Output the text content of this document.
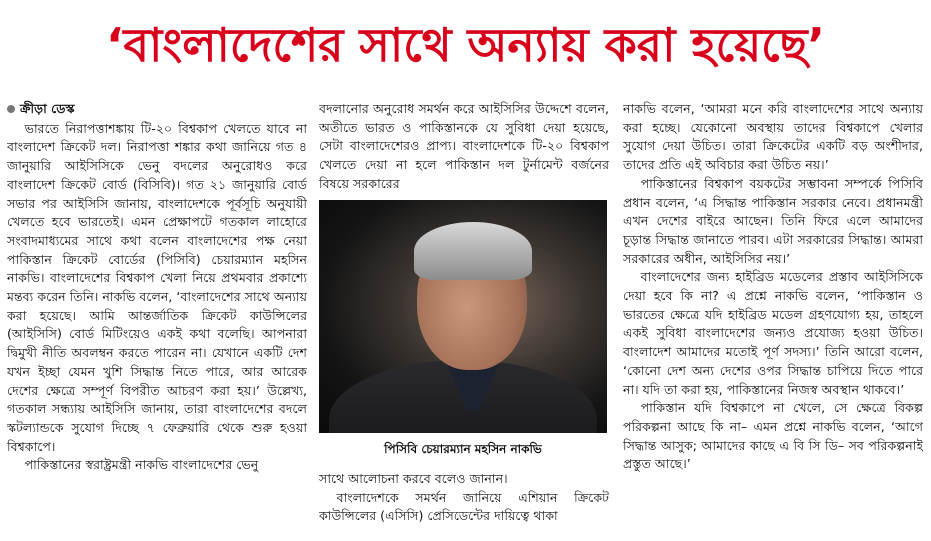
‘বাংলাদেশের সাথে অন্যায় করা হয়েছে’
ক্রীড়া ডেস্ক

ভারতে নিরাপত্তাশঙ্কায় টি-২০ বিশ্বকাপ খেলতে যাবে না বাংলাদেশ ক্রিকেট দল। নিরাপত্তা শঙ্কার কথা জানিয়ে গত ৪ জানুয়ারি আইসিসিকে ভেনু বদলের অনুরোধও করে বাংলাদেশ ক্রিকেট বোর্ড (বিসিবি)। গত ২১ জানুয়ারি বোর্ড সভার পর আইসিসি জানায়, বাংলাদেশকে পূর্বসূচি অনুযায়ী খেলতে হবে ভারতেই। এমন প্রেক্ষাপটে গতকাল লাহোরে সংবাদমাধ্যমের সাথে কথা বলেন বাংলাদেশের পক্ষ নেয়া পাকিস্তান ক্রিকেট বোর্ডের (পিসিবি) চেয়ারম্যান মহসিন নাকভি। বাংলাদেশের বিশ্বকাপ খেলা নিয়ে প্রথমবার প্রকাশ্যে মন্তব্য করেন তিনি। নাকভি বলেন, ‘বাংলাদেশের সাথে অন্যায় করা হয়েছে। আমি আন্তর্জাতিক ক্রিকেট কাউন্সিলের (আইসিসি) বোর্ড মিটিংয়েও একই কথা বলেছি। আপনারা দ্বিমুখী নীতি অবলম্বন করতে পারেন না। যেখানে একটি দেশ যখন ইচ্ছা যেমন খুশি সিদ্ধান্ত নিতে পারে, আর আরেক দেশের ক্ষেত্রে সম্পূর্ণ বিপরীত আচরণ করা হয়।’ উল্লেখ্য, গতকাল সন্ধ্যায় আইসিসি জানায়, তারা বাংলাদেশের বদলে স্কটল্যান্ডকে সুযোগ দিচ্ছে ৭ ফেব্রুয়ারি থেকে শুরু হওয়া বিশ্বকাপে।

পাকিস্তানের স্বরাষ্ট্রমন্ত্রী নাকভি বাংলাদেশের ভেনু

বদলানোর অনুরোধ সমর্থন করে আইসিসির উদ্দেশে বলেন, অতীতে ভারত ও পাকিস্তানকে যে সুবিধা দেয়া হয়েছে, সেটা বাংলাদেশেরও প্রাপ্য। বাংলাদেশকে টি-২০ বিশ্বকাপ খেলতে দেয়া না হলে পাকিস্তান দল টুর্নামেন্ট বর্জনের বিষয়ে সরকারের

পিসিবি চেয়ারম্যান মহসিন নাকভি

সাথে আলোচনা করবে বলেও জানান।

বাংলাদেশকে সমর্থন জানিয়ে এশিয়ান ক্রিকেট কাউন্সিলের (এসিসি) প্রেসিডেন্টের দায়িত্বে থাকা

নাকভি বলেন, ‘আমরা মনে করি বাংলাদেশের সাথে অন্যায় করা হচ্ছে। যেকোনো অবস্থায় তাদের বিশ্বকাপে খেলার সুযোগ দেয়া উচিত। তারা ক্রিকেটের একটি বড় অংশীদার, তাদের প্রতি এই অবিচার করা উচিত নয়।’

পাকিস্তানের বিশ্বকাপ বয়কটের সম্ভাবনা সম্পর্কে পিসিবি প্রধান বলেন, ‘এ সিদ্ধান্ত পাকিস্তান সরকার নেবে। প্রধানমন্ত্রী এখন দেশের বাইরে আছেন। তিনি ফিরে এলে আমাদের চূড়ান্ত সিদ্ধান্ত জানাতে পারব। এটা সরকারের সিদ্ধান্ত। আমরা সরকারের অধীন, আইসিসির নয়।’

বাংলাদেশের জন্য হাইব্রিড মডেলের প্রস্তাব আইসিসিকে দেয়া হবে কি না? এ প্রশ্নে নাকভি বলেন, ‘পাকিস্তান ও ভারতের ক্ষেত্রে যদি হাইব্রিড মডেল গ্রহণযোগ্য হয়, তাহলে একই সুবিধা বাংলাদেশের জন্যও প্রযোজ্য হওয়া উচিত। বাংলাদেশ আমাদের মতোই পূর্ণ সদস্য।’ তিনি আরো বলেন, ‘কোনো দেশ অন্য দেশের ওপর সিদ্ধান্ত চাপিয়ে দিতে পারে না। যদি তা করা হয়, পাকিস্তানের নিজস্ব অবস্থান থাকবে।’

পাকিস্তান যদি বিশ্বকাপে না খেলে, সে ক্ষেত্রে বিকল্প পরিকল্পনা আছে কি না– এমন প্রশ্নে নাকভি বলেন, ‘আগে সিদ্ধান্ত আসুক; আমাদের কাছে এ বি সি ডি– সব পরিকল্পনাই প্রস্তুত আছে।’
